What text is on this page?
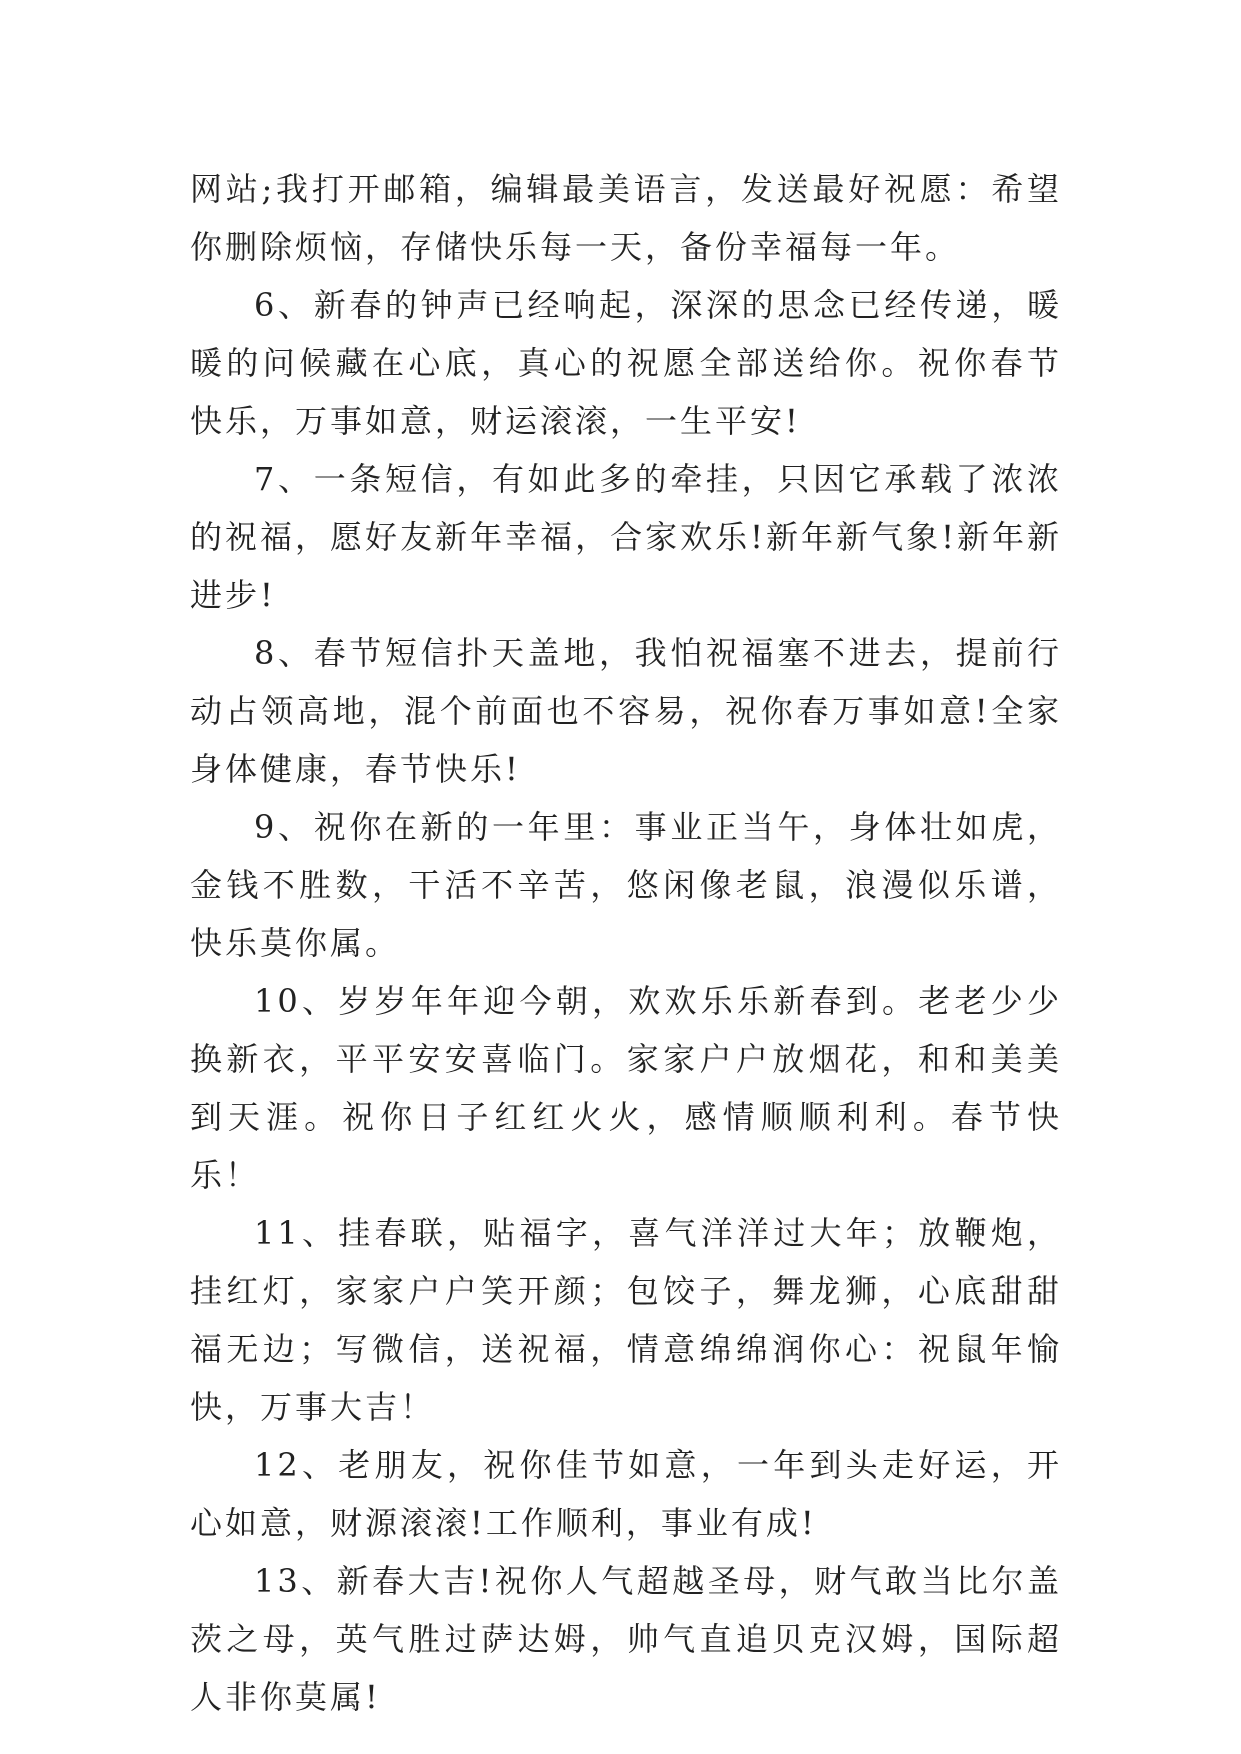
网站;我打开邮箱，编辑最美语言，发送最好祝愿：希望你删除烦恼，存储快乐每一天，备份幸福每一年。

6、新春的钟声已经响起，深深的思念已经传递，暖暖的问候藏在心底，真心的祝愿全部送给你。祝你春节快乐，万事如意，财运滚滚，一生平安!

7、一条短信，有如此多的牵挂，只因它承载了浓浓的祝福，愿好友新年幸福，合家欢乐!新年新气象!新年新进步!

8、春节短信扑天盖地，我怕祝福塞不进去，提前行动占领高地，混个前面也不容易，祝你春万事如意!全家身体健康，春节快乐!

9、祝你在新的一年里：事业正当午，身体壮如虎，金钱不胜数，干活不辛苦，悠闲像老鼠，浪漫似乐谱，快乐莫你属。

10、岁岁年年迎今朝，欢欢乐乐新春到。老老少少换新衣，平平安安喜临门。家家户户放烟花，和和美美到天涯。祝你日子红红火火，感情顺顺利利。春节快乐！

11、挂春联，贴福字，喜气洋洋过大年；放鞭炮，挂红灯，家家户户笑开颜；包饺子，舞龙狮，心底甜甜福无边；写微信，送祝福，情意绵绵润你心：祝鼠年愉快，万事大吉！

12、老朋友，祝你佳节如意，一年到头走好运，开心如意，财源滚滚!工作顺利，事业有成!

13、新春大吉!祝你人气超越圣母，财气敢当比尔盖茨之母，英气胜过萨达姆，帅气直追贝克汉姆，国际超人非你莫属!
